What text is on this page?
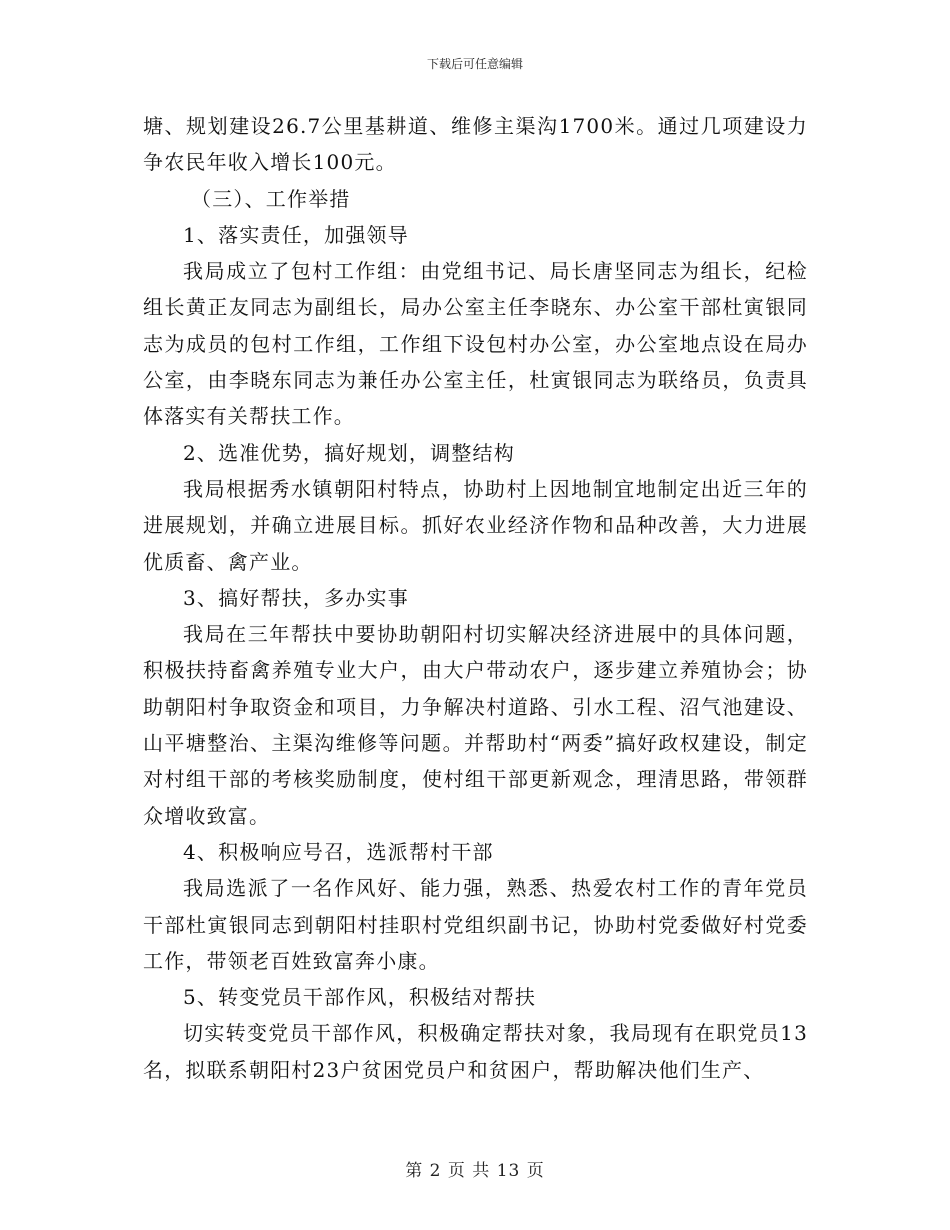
下载后可任意编辑

塘、规划建设26.7公里基耕道、维修主渠沟1700米。通过几项建设力争农民年收入增长100元。

（三）、工作举措

1、落实责任，加强领导

我局成立了包村工作组：由党组书记、局长唐坚同志为组长，纪检组长黄正友同志为副组长，局办公室主任李晓东、办公室干部杜寅银同志为成员的包村工作组，工作组下设包村办公室，办公室地点设在局办公室，由李晓东同志为兼任办公室主任，杜寅银同志为联络员，负责具体落实有关帮扶工作。

2、选准优势，搞好规划，调整结构

我局根据秀水镇朝阳村特点，协助村上因地制宜地制定出近三年的进展规划，并确立进展目标。抓好农业经济作物和品种改善，大力进展优质畜、禽产业。

3、搞好帮扶，多办实事

我局在三年帮扶中要协助朝阳村切实解决经济进展中的具体问题，积极扶持畜禽养殖专业大户，由大户带动农户，逐步建立养殖协会；协助朝阳村争取资金和项目，力争解决村道路、引水工程、沼气池建设、山平塘整治、主渠沟维修等问题。并帮助村“两委”搞好政权建设，制定对村组干部的考核奖励制度，使村组干部更新观念，理清思路，带领群众增收致富。

4、积极响应号召，选派帮村干部

我局选派了一名作风好、能力强，熟悉、热爱农村工作的青年党员干部杜寅银同志到朝阳村挂职村党组织副书记，协助村党委做好村党委工作，带领老百姓致富奔小康。

5、转变党员干部作风，积极结对帮扶

切实转变党员干部作风，积极确定帮扶对象，我局现有在职党员13名，拟联系朝阳村23户贫困党员户和贫困户，帮助解决他们生产、

第 2 页 共 13 页
